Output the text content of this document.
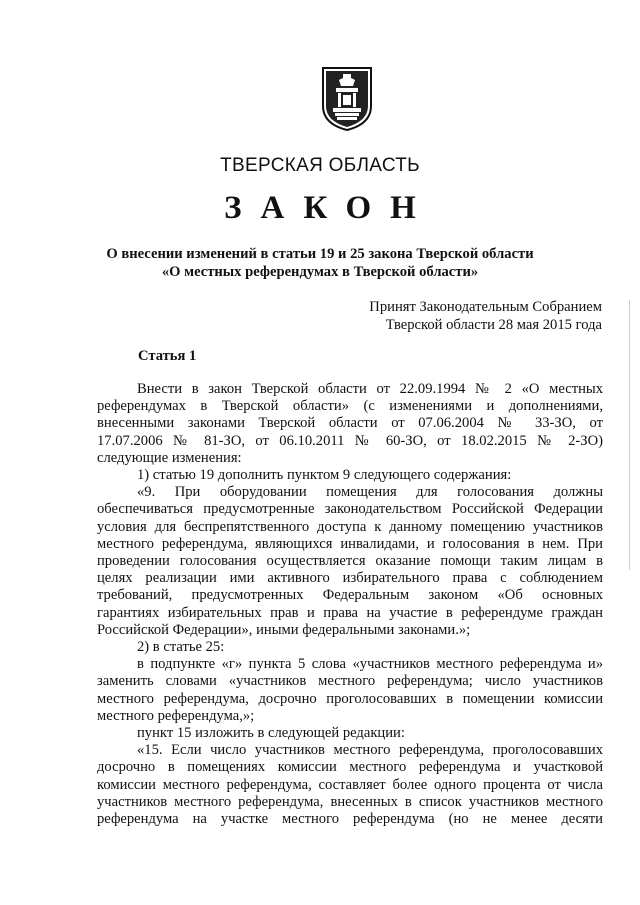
ТВЕРСКАЯ ОБЛАСТЬ
ЗАКОН
О внесении изменений в статьи 19 и 25 закона Тверской области
«О местных референдумах в Тверской области»
Принят Законодательным Собранием
Тверской области 28 мая 2015 года
Статья 1

Внести в закон Тверской области от 22.09.1994 № 2 «О местных

референдумах в Тверской области» (с изменениями и дополнениями,

внесенными законами Тверской области от 07.06.2004 № 33-ЗО, от

17.07.2006 № 81-ЗО, от 06.10.2011 № 60-ЗО, от 18.02.2015 № 2-ЗО)

следующие изменения:

1) статью 19 дополнить пунктом 9 следующего содержания:

«9. При оборудовании помещения для голосования должны

обеспечиваться предусмотренные законодательством Российской Федерации

условия для беспрепятственного доступа к данному помещению участников

местного референдума, являющихся инвалидами, и голосования в нем. При

проведении голосования осуществляется оказание помощи таким лицам в

целях реализации ими активного избирательного права с соблюдением

требований, предусмотренных Федеральным законом «Об основных

гарантиях избирательных прав и права на участие в референдуме граждан

Российской Федерации», иными федеральными законами.»;

2) в статье 25:

в подпункте «г» пункта 5 слова «участников местного референдума и»

заменить словами «участников местного референдума; число участников

местного референдума, досрочно проголосовавших в помещении комиссии

местного референдума,»;

пункт 15 изложить в следующей редакции:

«15. Если число участников местного референдума, проголосовавших

досрочно в помещениях комиссии местного референдума и участковой

комиссии местного референдума, составляет более одного процента от числа

участников местного референдума, внесенных в список участников местного

референдума на участке местного референдума (но не менее десяти
